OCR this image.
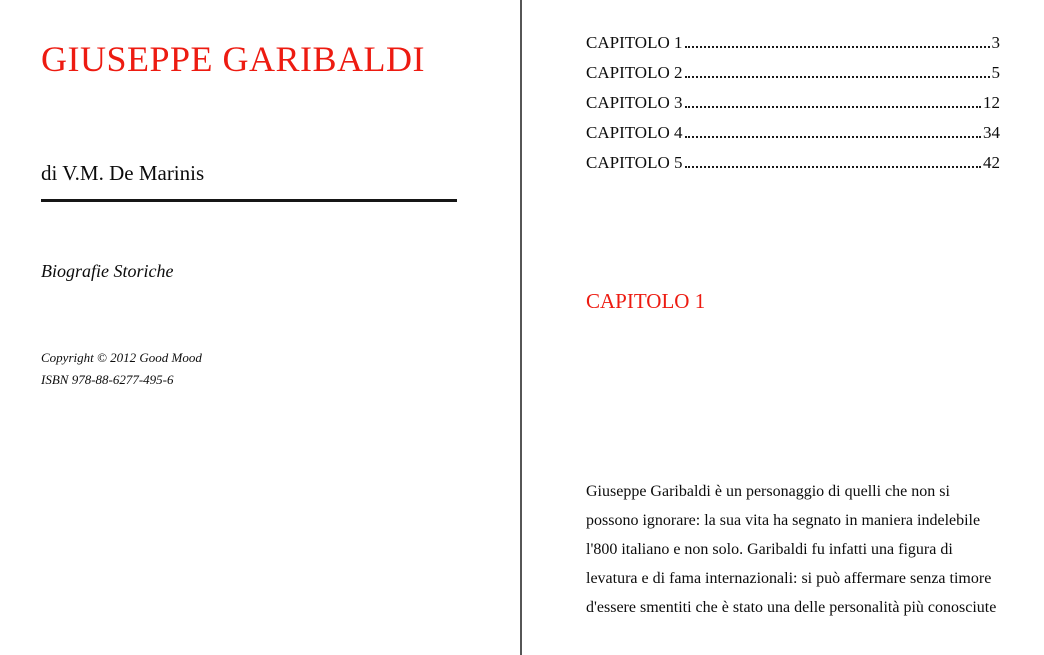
GIUSEPPE GARIBALDI
di V.M. De Marinis
Biografie Storiche
Copyright © 2012 Good Mood
ISBN 978-88-6277-495-6
CAPITOLO 1	3
CAPITOLO 2	5
CAPITOLO 3	12
CAPITOLO 4	34
CAPITOLO 5	42
CAPITOLO 1
Giuseppe Garibaldi è un personaggio di quelli che non si
possono ignorare: la sua vita ha segnato in maniera indelebile
l'800 italiano e non solo. Garibaldi fu infatti una figura di
levatura e di fama internazionali: si può affermare senza timore
d'essere smentiti che è stato una delle personalità più conosciute
